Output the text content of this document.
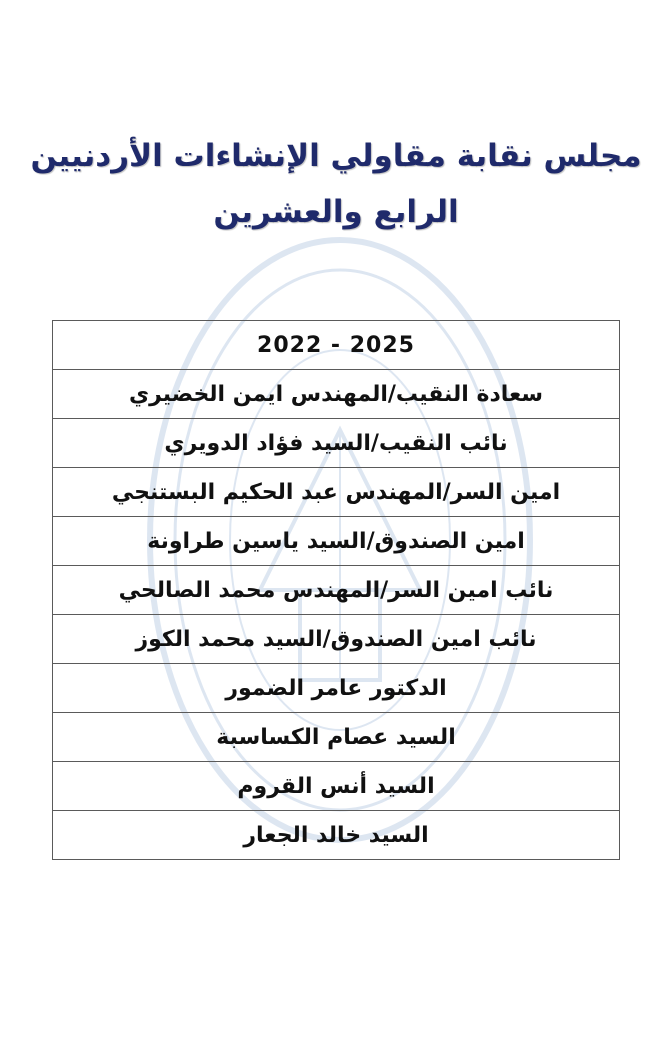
مجلس نقابة مقاولي الإنشاءات الأردنيين
الرابع والعشرين
2022 - 2025
سعادة النقيب/المهندس ايمن الخضيري
نائب النقيب/السيد فؤاد الدويري
امين السر/المهندس عبد الحكيم البستنجي
امين الصندوق/السيد ياسين طراونة
نائب امين السر/المهندس محمد الصالحي
نائب امين الصندوق/السيد محمد الكوز
الدكتور عامر الضمور
السيد عصام الكساسبة
السيد أنس القروم
السيد خالد الجعار
